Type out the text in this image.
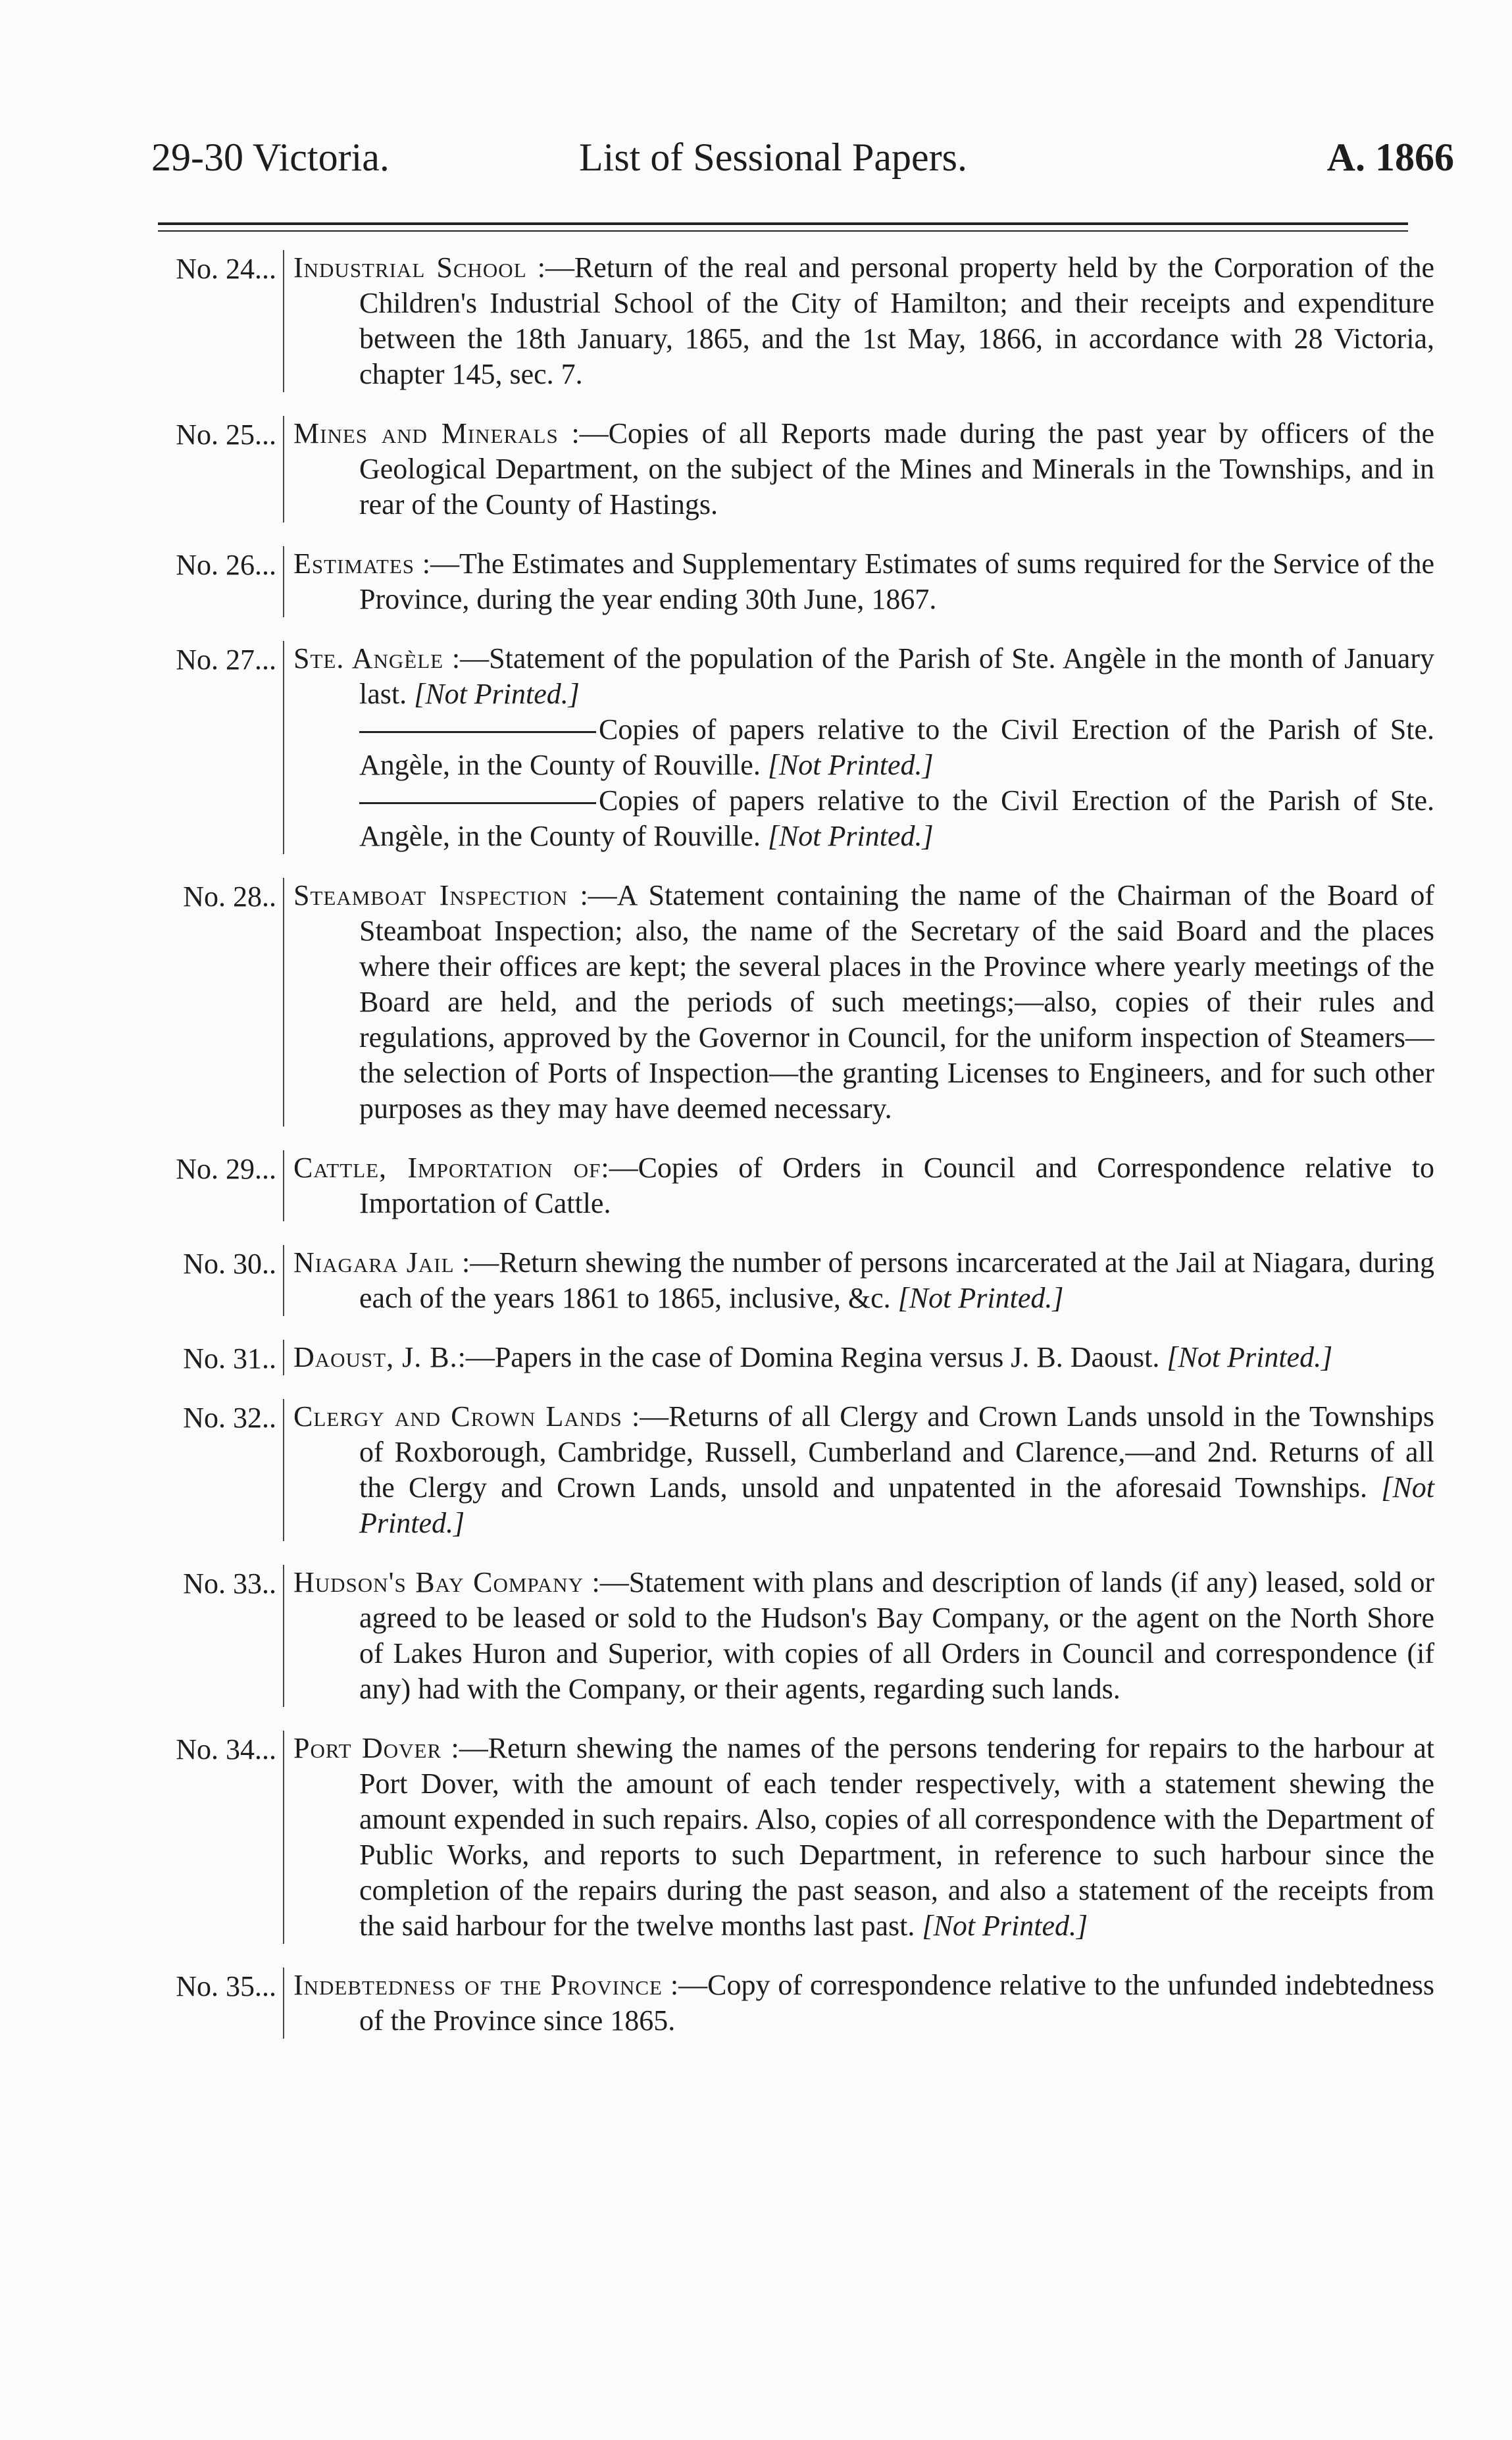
29-30 Victoria.	List of Sessional Papers.	A. 1866
No. 24... Industrial School :—Return of the real and personal property held by the Corporation of the Children's Industrial School of the City of Hamilton; and their receipts and expenditure between the 18th January, 1865, and the 1st May, 1866, in accordance with 28 Victoria, chapter 145, sec. 7.

No. 25... Mines and Minerals :—Copies of all Reports made during the past year by officers of the Geological Department, on the subject of the Mines and Minerals in the Townships, and in rear of the County of Hastings.

No. 26... Estimates :—The Estimates and Supplementary Estimates of sums required for the Service of the Province, during the year ending 30th June, 1867.

No. 27... Ste. Angèle :—Statement of the population of the Parish of Ste. Angèle in the month of January last. [Not Printed.]

Copies of papers relative to the Civil Erection of the Parish of Ste. Angèle, in the County of Rouville. [Not Printed.]

Copies of papers relative to the Civil Erection of the Parish of Ste. Angèle, in the County of Rouville. [Not Printed.]

No. 28.. Steamboat Inspection :—A Statement containing the name of the Chairman of the Board of Steamboat Inspection; also, the name of the Secretary of the said Board and the places where their offices are kept; the several places in the Province where yearly meetings of the Board are held, and the periods of such meetings;—also, copies of their rules and regulations, approved by the Governor in Council, for the uniform inspection of Steamers—the selection of Ports of Inspection—the granting Licenses to Engineers, and for such other purposes as they may have deemed necessary.

No. 29... Cattle, Importation of:—Copies of Orders in Council and Correspondence relative to Importation of Cattle.

No. 30.. Niagara Jail :—Return shewing the number of persons incarcerated at the Jail at Niagara, during each of the years 1861 to 1865, inclusive, &c. [Not Printed.]

No. 31.. Daoust, J. B.:—Papers in the case of Domina Regina versus J. B. Daoust. [Not Printed.]

No. 32.. Clergy and Crown Lands :—Returns of all Clergy and Crown Lands unsold in the Townships of Roxborough, Cambridge, Russell, Cumberland and Clarence,—and 2nd. Returns of all the Clergy and Crown Lands, unsold and unpatented in the aforesaid Townships. [Not Printed.]

No. 33.. Hudson's Bay Company :—Statement with plans and description of lands (if any) leased, sold or agreed to be leased or sold to the Hudson's Bay Company, or the agent on the North Shore of Lakes Huron and Superior, with copies of all Orders in Council and correspondence (if any) had with the Company, or their agents, regarding such lands.

No. 34... Port Dover :—Return shewing the names of the persons tendering for repairs to the harbour at Port Dover, with the amount of each tender respectively, with a statement shewing the amount expended in such repairs. Also, copies of all correspondence with the Department of Public Works, and reports to such Department, in reference to such harbour since the completion of the repairs during the past season, and also a statement of the receipts from the said harbour for the twelve months last past. [Not Printed.]

No. 35... Indebtedness of the Province :—Copy of correspondence relative to the unfunded indebtedness of the Province since 1865.
